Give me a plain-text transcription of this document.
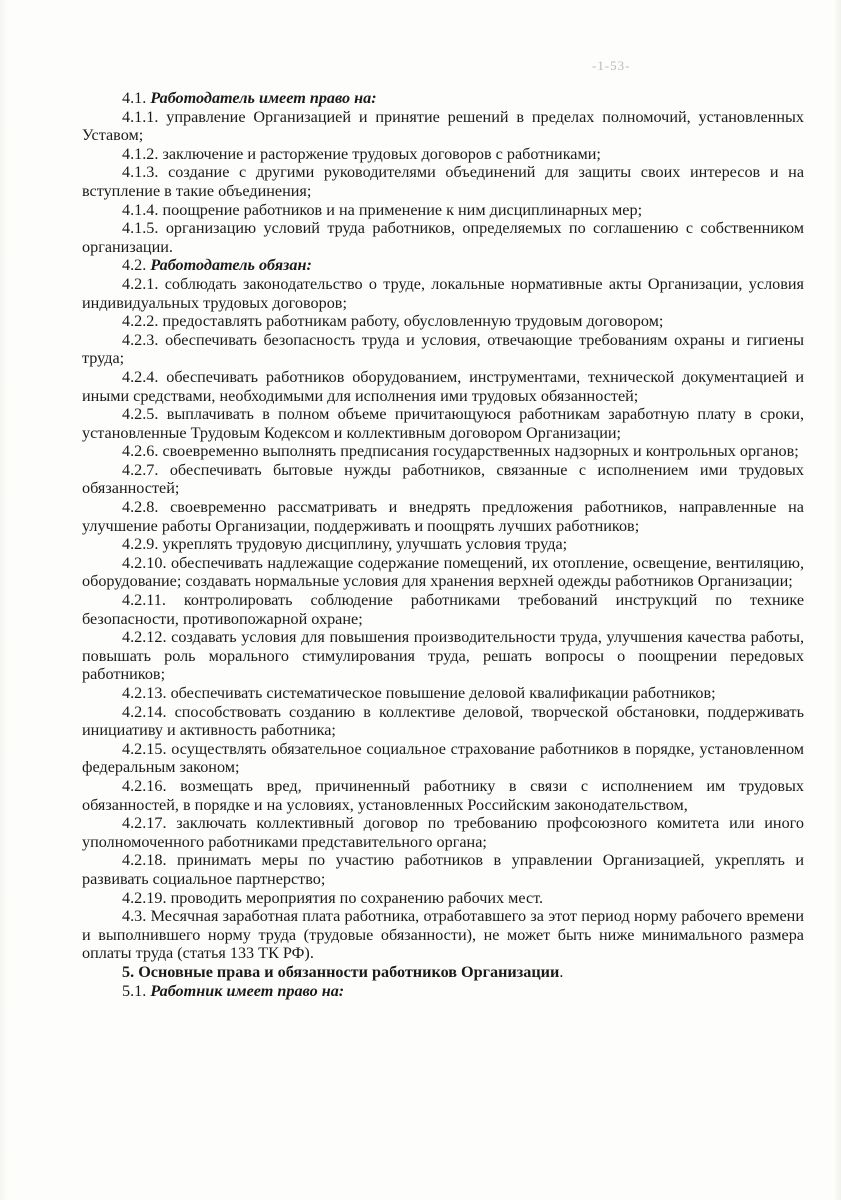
-1-53-

4.1. Работодатель имеет право на:

4.1.1. управление Организацией и принятие решений в пределах полномочий, установленных Уставом;

4.1.2. заключение и расторжение трудовых договоров с работниками;

4.1.3. создание с другими руководителями объединений для защиты своих интересов и на вступление в такие объединения;

4.1.4. поощрение работников и на применение к ним дисциплинарных мер;

4.1.5. организацию условий труда работников, определяемых по соглашению с собственником организации.

4.2. Работодатель обязан:

4.2.1. соблюдать законодательство о труде, локальные нормативные акты Организации, условия индивидуальных трудовых договоров;

4.2.2. предоставлять работникам работу, обусловленную трудовым договором;

4.2.3. обеспечивать безопасность труда и условия, отвечающие требованиям охраны и гигиены труда;

4.2.4. обеспечивать работников оборудованием, инструментами, технической документацией и иными средствами, необходимыми для исполнения ими трудовых обязанностей;

4.2.5. выплачивать в полном объеме причитающуюся работникам заработную плату в сроки, установленные Трудовым Кодексом и коллективным договором Организации;

4.2.6. своевременно выполнять предписания государственных надзорных и контрольных органов;

4.2.7. обеспечивать бытовые нужды работников, связанные с исполнением ими трудовых обязанностей;

4.2.8. своевременно рассматривать и внедрять предложения работников, направленные на улучшение работы Организации, поддерживать и поощрять лучших работников;

4.2.9. укреплять трудовую дисциплину, улучшать условия труда;

4.2.10. обеспечивать надлежащие содержание помещений, их отопление, освещение, вентиляцию, оборудование; создавать нормальные условия для хранения верхней одежды работников Организации;

4.2.11. контролировать соблюдение работниками требований инструкций по технике безопасности, противопожарной охране;

4.2.12. создавать условия для повышения производительности труда, улучшения качества работы, повышать роль морального стимулирования труда, решать вопросы о поощрении передовых работников;

4.2.13. обеспечивать систематическое повышение деловой квалификации работников;

4.2.14. способствовать созданию в коллективе деловой, творческой обстановки, поддерживать инициативу и активность работника;

4.2.15. осуществлять обязательное социальное страхование работников в порядке, установленном федеральным законом;

4.2.16. возмещать вред, причиненный работнику в связи с исполнением им трудовых обязанностей, в порядке и на условиях, установленных Российским законодательством,

4.2.17. заключать коллективный договор по требованию профсоюзного комитета или иного уполномоченного работниками представительного органа;

4.2.18. принимать меры по участию работников в управлении Организацией, укреплять и развивать социальное партнерство;

4.2.19. проводить мероприятия по сохранению рабочих мест.

4.3. Месячная заработная плата работника, отработавшего за этот период норму рабочего времени и выполнившего норму труда (трудовые обязанности), не может быть ниже минимального размера оплаты труда (статья 133 ТК РФ).

5. Основные права и обязанности работников Организации.

5.1. Работник имеет право на:
